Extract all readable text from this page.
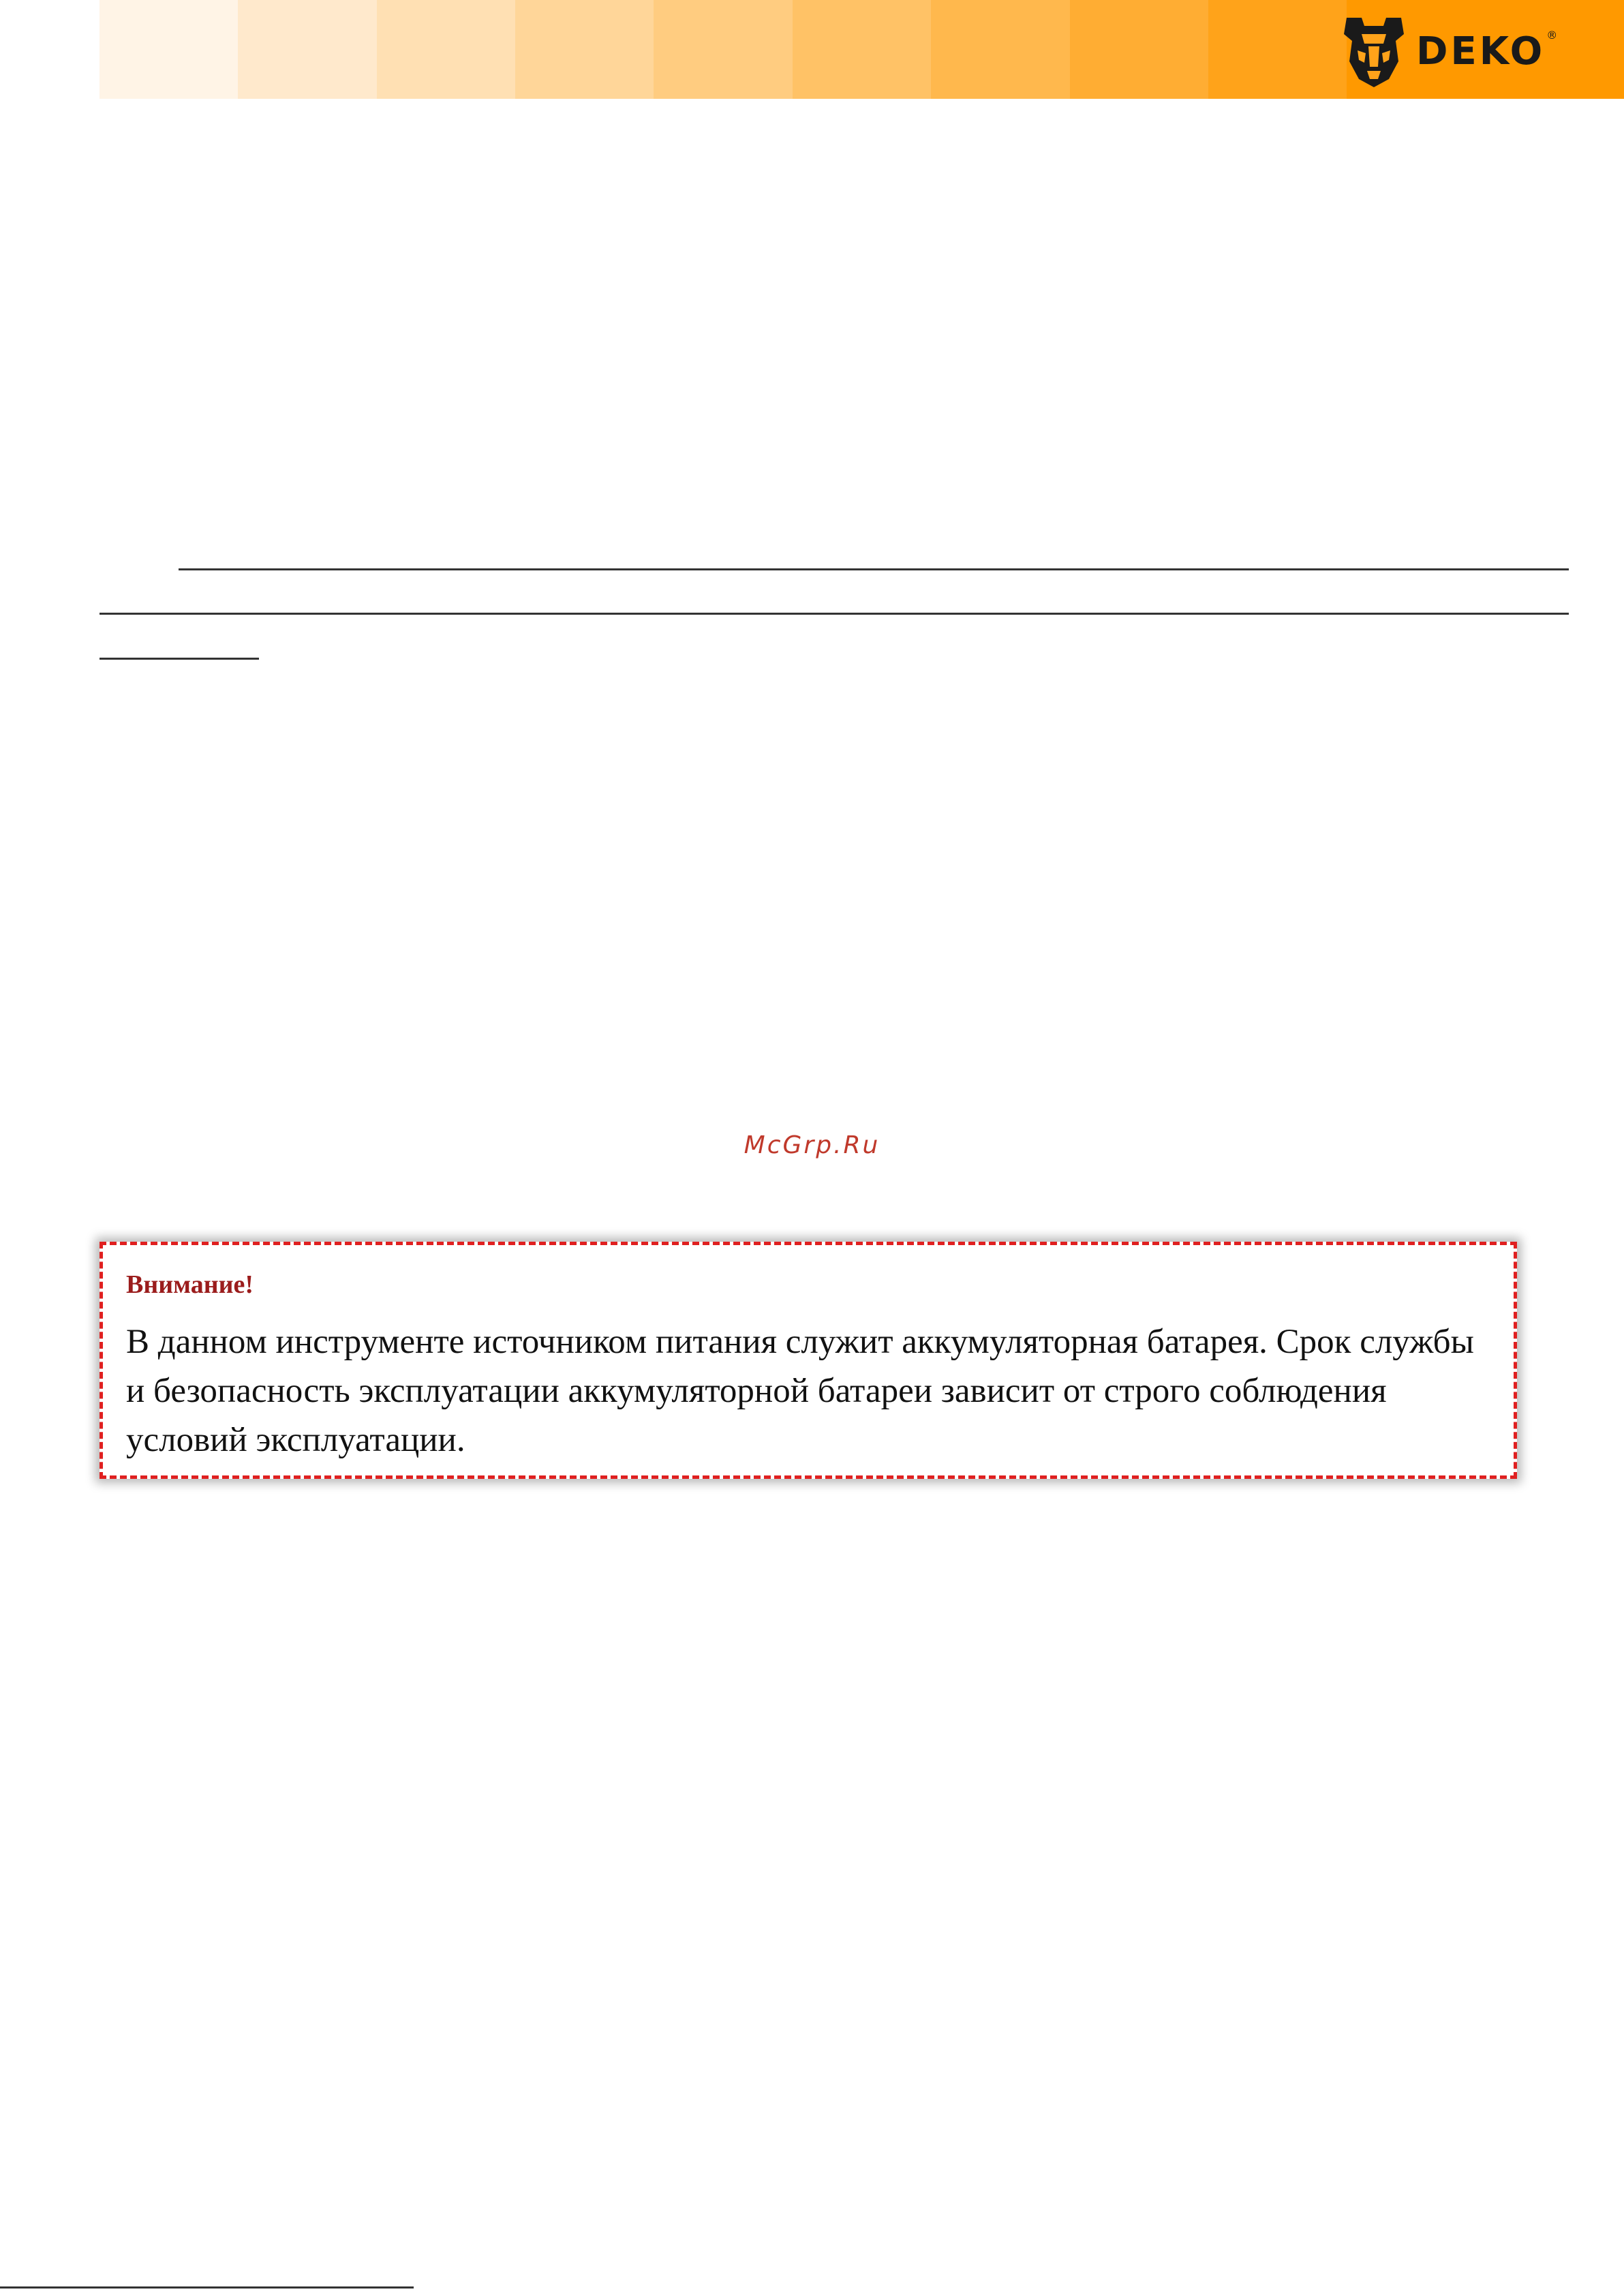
DEKO ®
McGrp.Ru
Внимание!

В данном инструменте источником питания служит аккумуляторная батарея. Срок службы и безопасность эксплуатации аккумуляторной батареи зависит от строго соблюдения условий эксплуатации.
